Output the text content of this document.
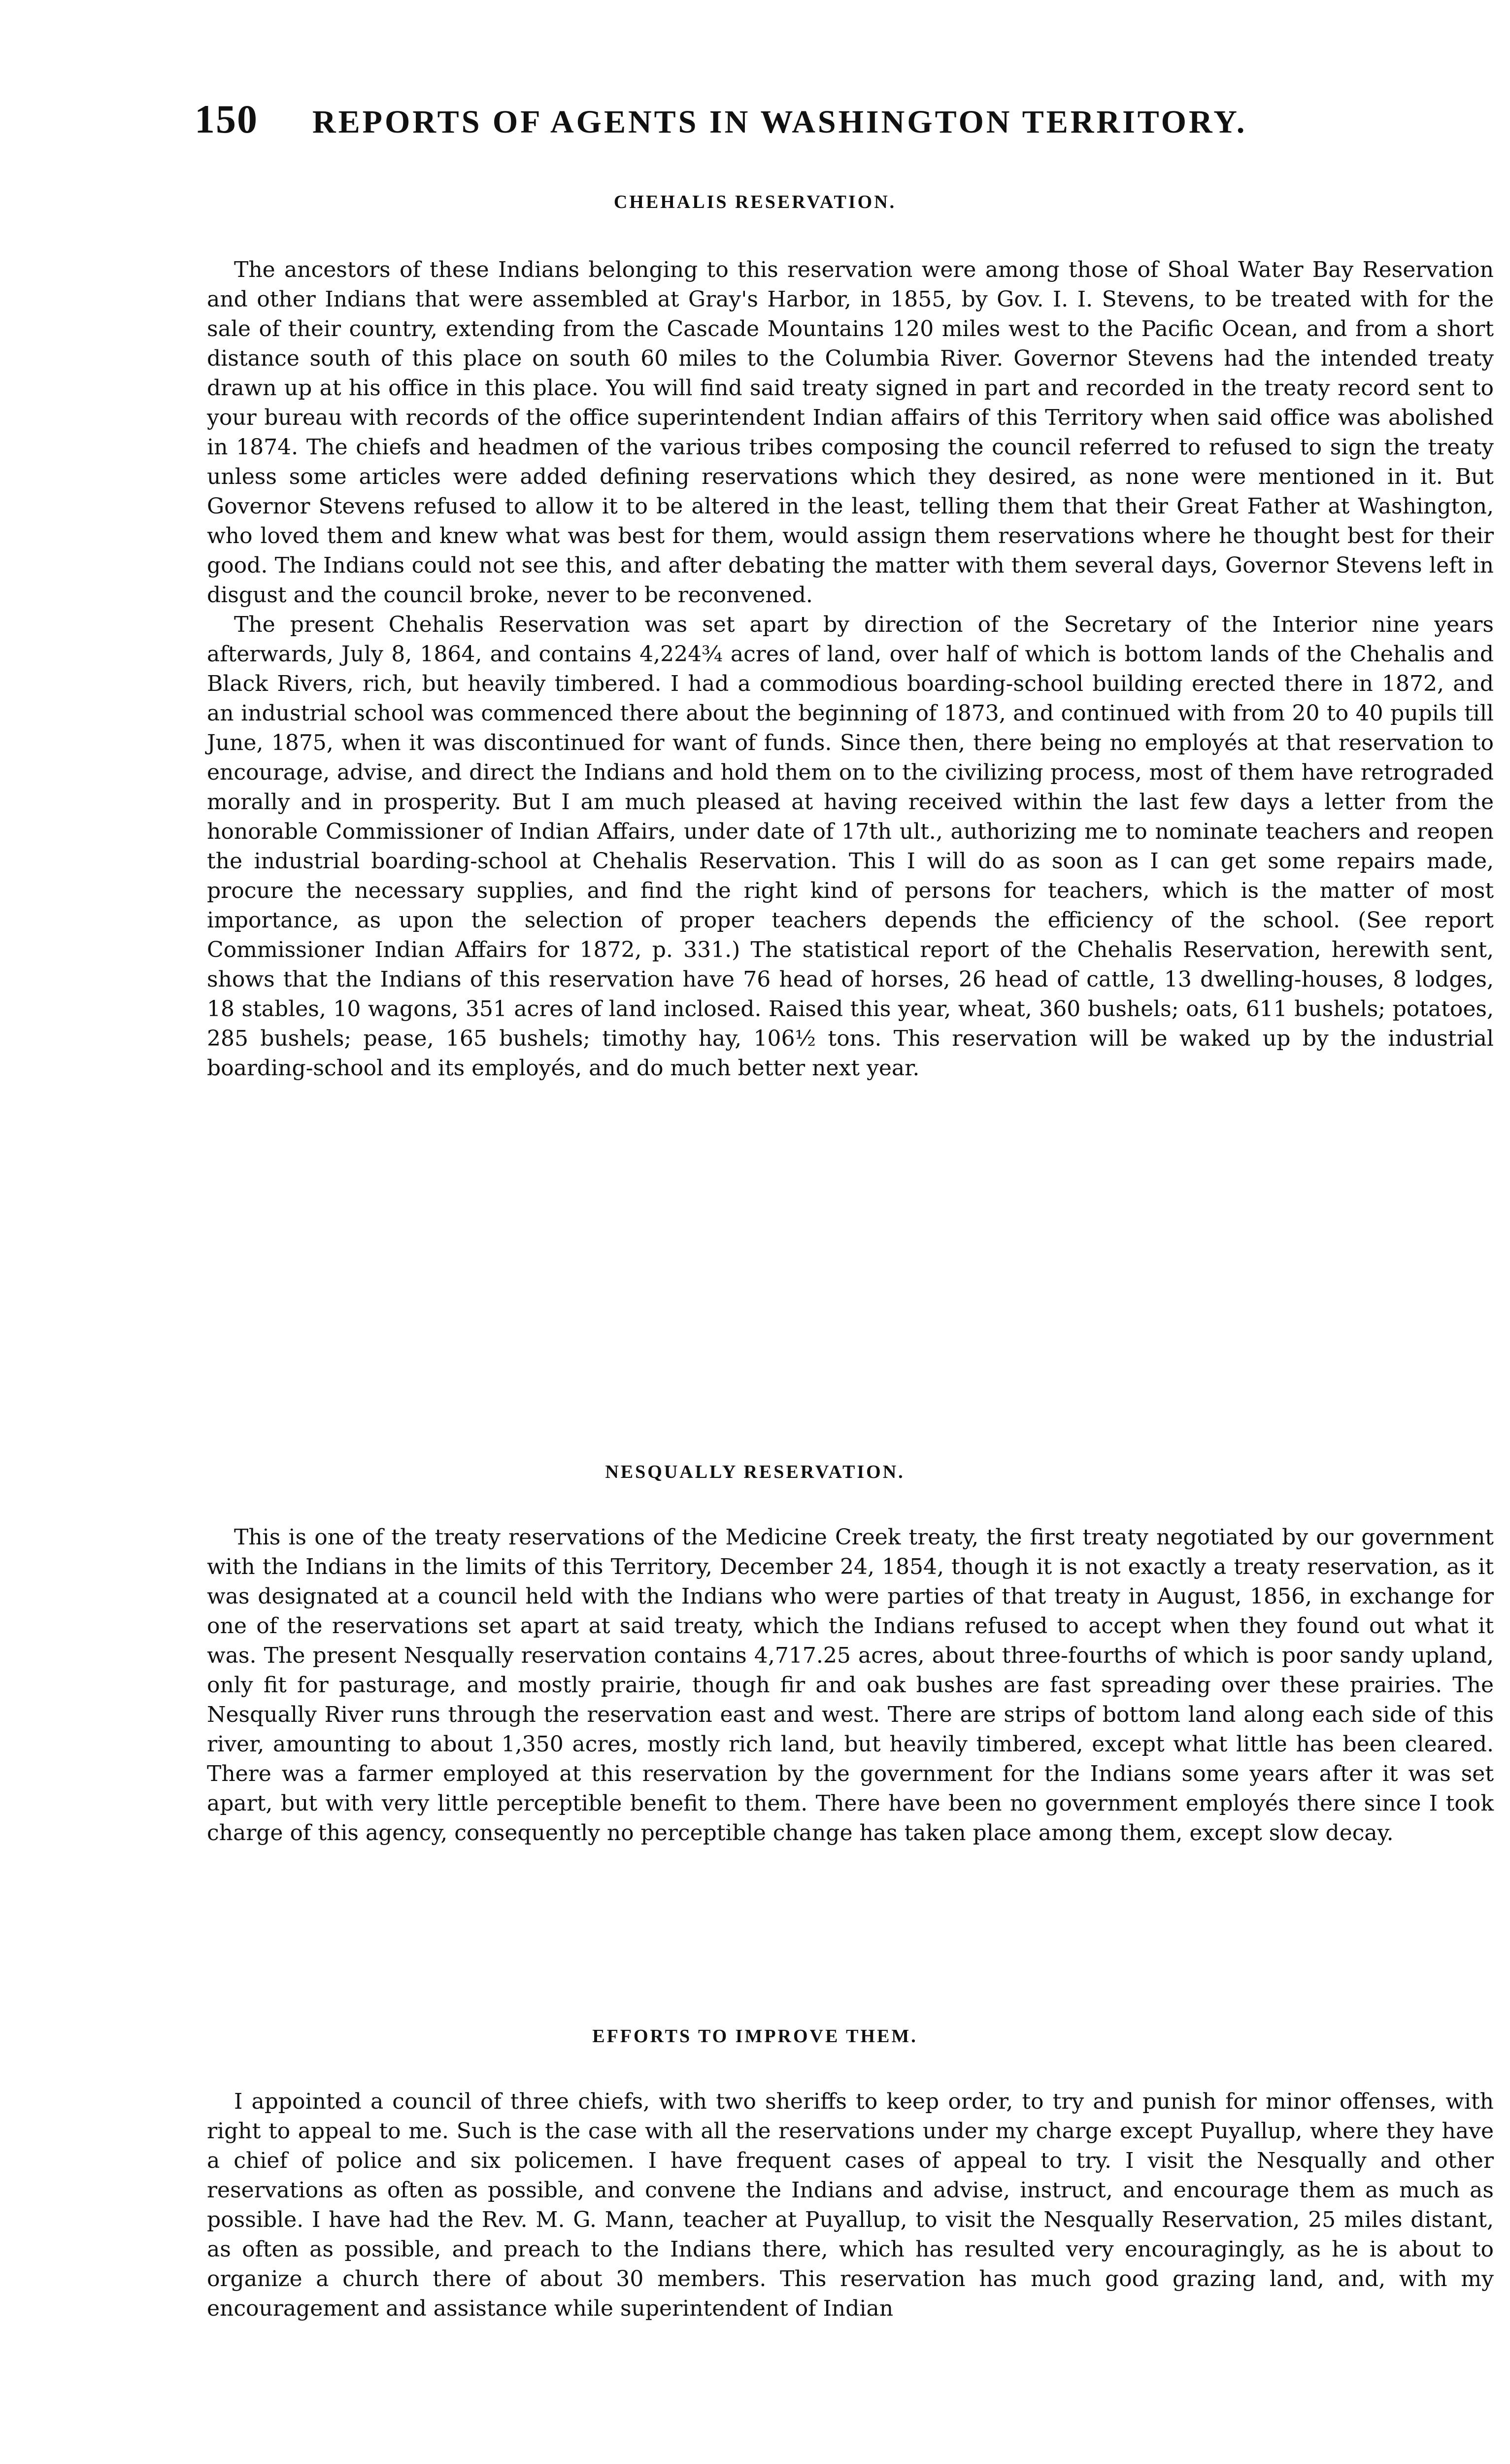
150 REPORTS OF AGENTS IN WASHINGTON TERRITORY.
CHEHALIS RESERVATION.

The ancestors of these Indians belonging to this reservation were among those of Shoal Water Bay Reservation and other Indians that were assembled at Gray's Harbor, in 1855, by Gov. I. I. Stevens, to be treated with for the sale of their country, extending from the Cascade Mountains 120 miles west to the Pacific Ocean, and from a short distance south of this place on south 60 miles to the Columbia River. Governor Stevens had the intended treaty drawn up at his office in this place. You will find said treaty signed in part and recorded in the treaty record sent to your bureau with records of the office superintendent Indian affairs of this Territory when said office was abolished in 1874. The chiefs and headmen of the various tribes composing the council referred to refused to sign the treaty unless some articles were added defining reservations which they desired, as none were mentioned in it. But Governor Stevens refused to allow it to be altered in the least, telling them that their Great Father at Washington, who loved them and knew what was best for them, would assign them reservations where he thought best for their good. The Indians could not see this, and after debating the matter with them several days, Governor Stevens left in disgust and the council broke, never to be reconvened.

The present Chehalis Reservation was set apart by direction of the Secretary of the Interior nine years afterwards, July 8, 1864, and contains 4,224¾ acres of land, over half of which is bottom lands of the Chehalis and Black Rivers, rich, but heavily timbered. I had a commodious boarding-school building erected there in 1872, and an industrial school was commenced there about the beginning of 1873, and continued with from 20 to 40 pupils till June, 1875, when it was discontinued for want of funds. Since then, there being no employés at that reservation to encourage, advise, and direct the Indians and hold them on to the civilizing process, most of them have retrograded morally and in prosperity. But I am much pleased at having received within the last few days a letter from the honorable Commissioner of Indian Affairs, under date of 17th ult., authorizing me to nominate teachers and reopen the industrial boarding-school at Chehalis Reservation. This I will do as soon as I can get some repairs made, procure the necessary supplies, and find the right kind of persons for teachers, which is the matter of most importance, as upon the selection of proper teachers depends the efficiency of the school. (See report Commissioner Indian Affairs for 1872, p. 331.) The statistical report of the Chehalis Reservation, herewith sent, shows that the Indians of this reservation have 76 head of horses, 26 head of cattle, 13 dwelling-houses, 8 lodges, 18 stables, 10 wagons, 351 acres of land inclosed. Raised this year, wheat, 360 bushels; oats, 611 bushels; potatoes, 285 bushels; pease, 165 bushels; timothy hay, 106½ tons. This reservation will be waked up by the industrial boarding-school and its employés, and do much better next year.

NESQUALLY RESERVATION.

This is one of the treaty reservations of the Medicine Creek treaty, the first treaty negotiated by our government with the Indians in the limits of this Territory, December 24, 1854, though it is not exactly a treaty reservation, as it was designated at a council held with the Indians who were parties of that treaty in August, 1856, in exchange for one of the reservations set apart at said treaty, which the Indians refused to accept when they found out what it was. The present Nesqually reservation contains 4,717.25 acres, about three-fourths of which is poor sandy upland, only fit for pasturage, and mostly prairie, though fir and oak bushes are fast spreading over these prairies. The Nesqually River runs through the reservation east and west. There are strips of bottom land along each side of this river, amounting to about 1,350 acres, mostly rich land, but heavily timbered, except what little has been cleared. There was a farmer employed at this reservation by the government for the Indians some years after it was set apart, but with very little perceptible benefit to them. There have been no government employés there since I took charge of this agency, consequently no perceptible change has taken place among them, except slow decay.

EFFORTS TO IMPROVE THEM.

I appointed a council of three chiefs, with two sheriffs to keep order, to try and punish for minor offenses, with right to appeal to me. Such is the case with all the reservations under my charge except Puyallup, where they have a chief of police and six policemen. I have frequent cases of appeal to try. I visit the Nesqually and other reservations as often as possible, and convene the Indians and advise, instruct, and encourage them as much as possible. I have had the Rev. M. G. Mann, teacher at Puyallup, to visit the Nesqually Reservation, 25 miles distant, as often as possible, and preach to the Indians there, which has resulted very encouragingly, as he is about to organize a church there of about 30 members. This reservation has much good grazing land, and, with my encouragement and assistance while superintendent of Indian
